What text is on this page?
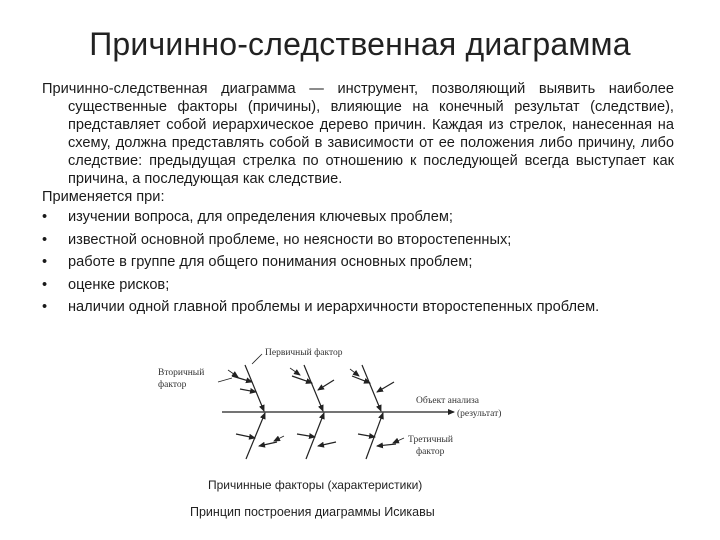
Причинно-следственная диаграмма

Причинно-следственная диаграмма — инструмент, позволяющий выявить наиболее существенные факторы (причины), влияющие на конечный результат (следствие), представляет собой иерархическое дерево причин. Каждая из стрелок, нанесенная на схему, должна представлять собой в зависимости от ее положения либо причину, либо следствие: предыдущая стрелка по отношению к последующей всегда выступает как причина, а последующая как следствие.

Применяется при:

• изучении вопроса, для определения ключевых проблем;
• известной основной проблеме, но неясности во второстепенных;
• работе в группе для общего понимания основных проблем;
• оценке рисков;
• наличии одной главной проблемы и иерархичности второстепенных проблем.
Первичный фактор
Вторичный
фактор
Объект анализа
(результат)
Третичный
фактор
Причинные факторы (характеристики)
Принцип построения диаграммы Исикавы
